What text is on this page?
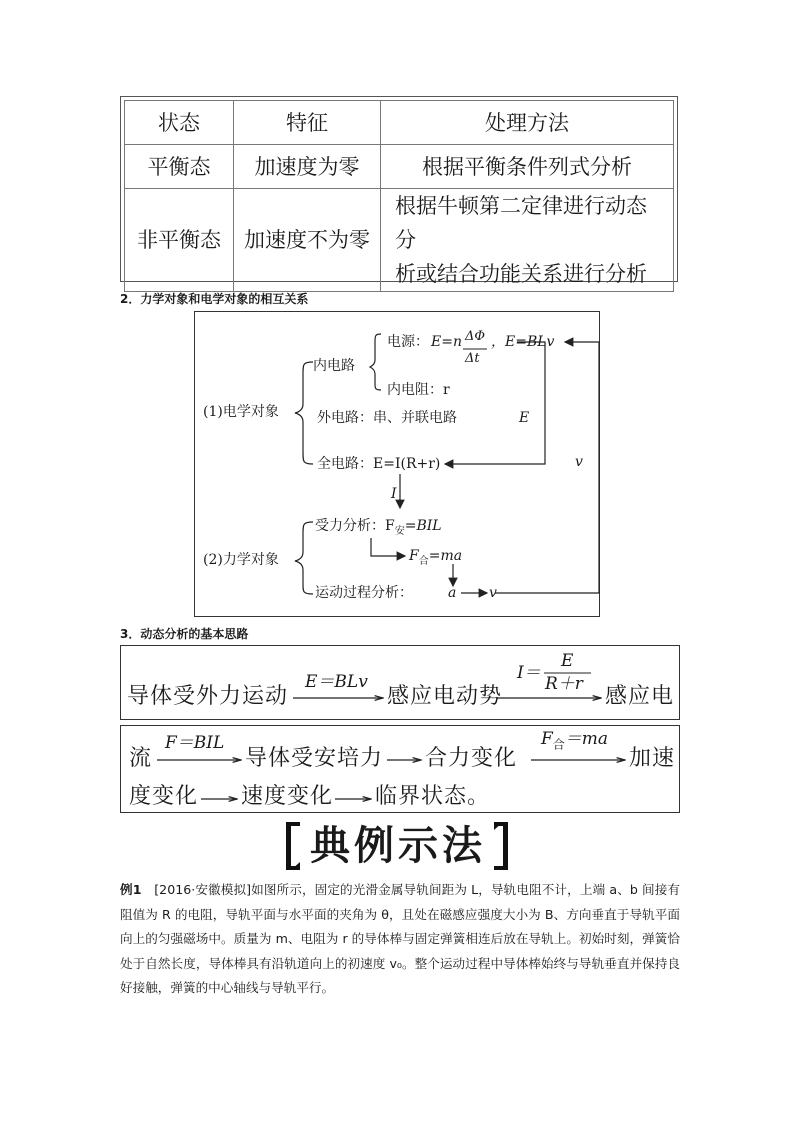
状态	特征	处理方法
平衡态	加速度为零	根据平衡条件列式分析
非平衡态	加速度不为零	根据牛顿第二定律进行动态分
析或结合功能关系进行分析
2．力学对象和电学对象的相互关系
(1)电学对象
内电路
电源： E=n ΔΦ
Δt
，E=BLv
内电阻：r
外电路：串、并联电路	E
v
全电路：E=I(R+r)
I
(2)力学对象
受力分析：$F_安=BIL$
$F_合=ma$
运动过程分析：	a v
3．动态分析的基本思路
导体受外力运动
E＝BLv
感应电动势
E
I＝
R＋r 感应电
流
F＝BIL
导体受安培力 合力变化
$F_合=ma$
加速
度变化 速度变化 临界状态。
典例示法
例1　[2016·安徽模拟]如图所示，固定的光滑金属导轨间距为 L，导轨电阻不计，上端 a、b 间接有阻值为 R 的电阻，导轨平面与水平面的夹角为 θ，且处在磁感应强度大小为 B、方向垂直于导轨平面向上的匀强磁场中。质量为 m、电阻为 r 的导体棒与固定弹簧相连后放在导轨上。初始时刻，弹簧恰处于自然长度，导体棒具有沿轨道向上的初速度 v₀。整个运动过程中导体棒始终与导轨垂直并保持良好接触，弹簧的中心轴线与导轨平行。
